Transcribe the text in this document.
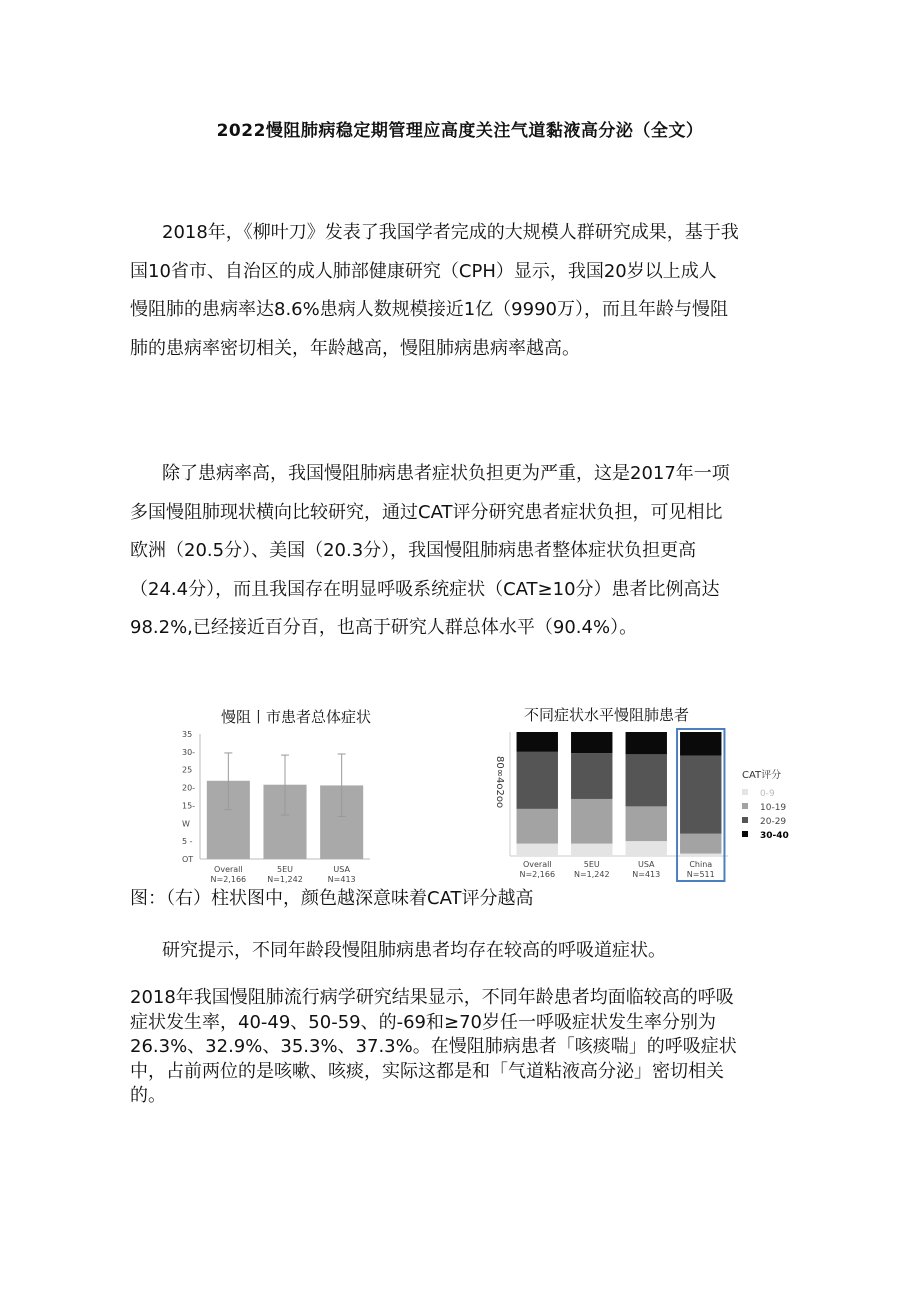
2022慢阻肺病稳定期管理应高度关注气道黏液高分泌（全文）
2018年，《柳叶刀》发表了我国学者完成的大规模人群研究成果，基于我
国10省市、自治区的成人肺部健康研究（CPH）显示，我国20岁以上成人
慢阻肺的患病率达8.6%患病人数规模接近1亿（9990万），而且年龄与慢阻
肺的患病率密切相关，年龄越高，慢阻肺病患病率越高。
除了患病率高，我国慢阻肺病患者症状负担更为严重，这是2017年一项
多国慢阻肺现状横向比较研究，通过CAT评分研究患者症状负担，可见相比
欧洲（20.5分）、美国（20.3分），我国慢阻肺病患者整体症状负担更高
（24.4分），而且我国存在明显呼吸系统症状（CAT≥10分）患者比例高达
98.2%,已经接近百分百，也高于研究人群总体水平（90.4%）。
慢阻丨市患者总体症状	不同症状水平慢阻肺患者
35
30-
25
20-
15-
W
5 -
OT
Overall
N=2,166
5EU
N=1,242
USA
N=413
80∞4o2oo
Overall
N=2,166
5EU
N=1,242
USA
N=413
China
N=511
CAT评分
0-9
10-19
20-29
30-40
图：（右）柱状图中，颜色越深意味着CAT评分越高
研究提示，不同年龄段慢阻肺病患者均存在较高的呼吸道症状。
2018年我国慢阻肺流行病学研究结果显示，不同年龄患者均面临较高的呼吸
症状发生率，40-49、50-59、的-69和≥70岁任一呼吸症状发生率分别为
26.3%、32.9%、35.3%、37.3%。在慢阻肺病患者「咳痰喘」的呼吸症状
中，占前两位的是咳嗽、咳痰，实际这都是和「气道粘液高分泌」密切相关
的。
